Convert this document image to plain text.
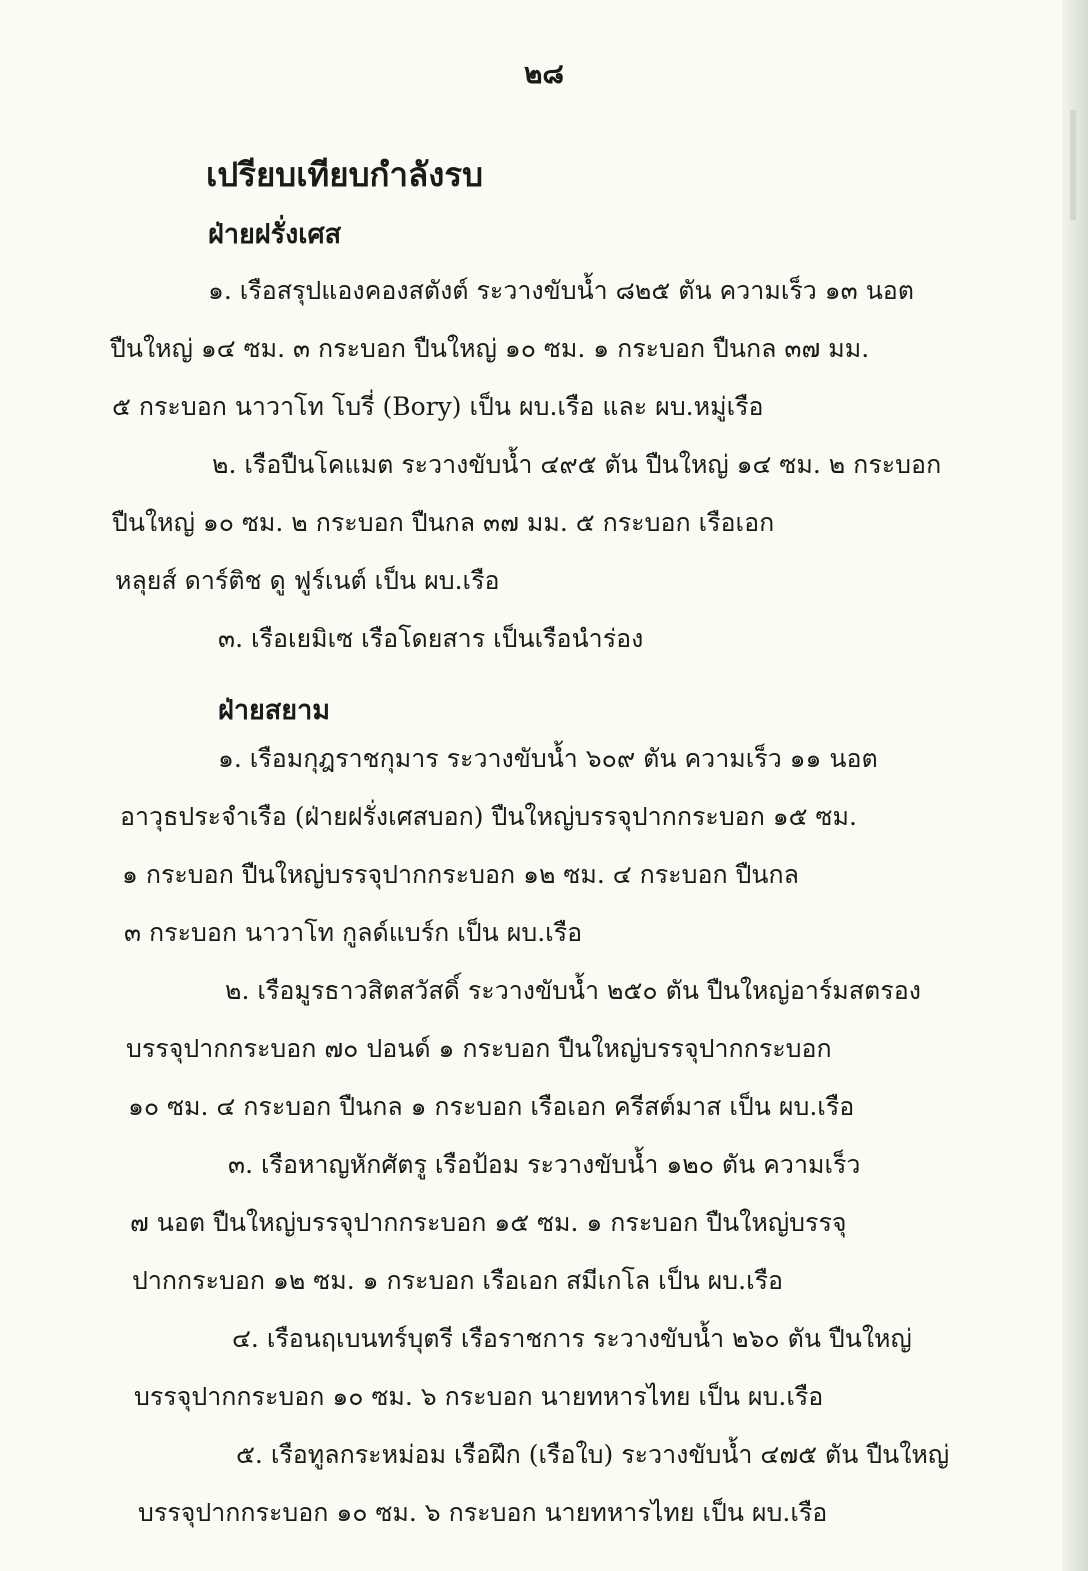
๒๘
เปรียบเทียบกำลังรบ
ฝ่ายฝรั่งเศส
๑. เรือสรุปแองคองสตังต์ ระวางขับน้ำ ๘๒๕ ตัน ความเร็ว ๑๓ นอต
ปืนใหญ่ ๑๔ ซม. ๓ กระบอก ปืนใหญ่ ๑๐ ซม. ๑ กระบอก ปืนกล ๓๗ มม.
๕ กระบอก นาวาโท โบรี่ (Bory) เป็น ผบ.เรือ และ ผบ.หมู่เรือ
๒. เรือปืนโคแมต ระวางขับน้ำ ๔๙๕ ตัน ปืนใหญ่ ๑๔ ซม. ๒ กระบอก
ปืนใหญ่ ๑๐ ซม. ๒ กระบอก ปืนกล ๓๗ มม. ๕ กระบอก เรือเอก
หลุยส์ ดาร์ติช ดู ฟูร์เนต์ เป็น ผบ.เรือ
๓. เรือเยมิเซ เรือโดยสาร เป็นเรือนำร่อง
ฝ่ายสยาม
๑. เรือมกุฎราชกุมาร ระวางขับน้ำ ๖๐๙ ตัน ความเร็ว ๑๑ นอต
อาวุธประจำเรือ (ฝ่ายฝรั่งเศสบอก) ปืนใหญ่บรรจุปากกระบอก ๑๕ ซม.
๑ กระบอก ปืนใหญ่บรรจุปากกระบอก ๑๒ ซม. ๔ กระบอก ปืนกล
๓ กระบอก นาวาโท กูลด์แบร์ก เป็น ผบ.เรือ
๒. เรือมูรธาวสิตสวัสดิ์ ระวางขับน้ำ ๒๕๐ ตัน ปืนใหญ่อาร์มสตรอง
บรรจุปากกระบอก ๗๐ ปอนด์ ๑ กระบอก ปืนใหญ่บรรจุปากกระบอก
๑๐ ซม. ๔ กระบอก ปืนกล ๑ กระบอก เรือเอก ครีสต์มาส เป็น ผบ.เรือ
๓. เรือหาญหักศัตรู เรือป้อม ระวางขับน้ำ ๑๒๐ ตัน ความเร็ว
๗ นอต ปืนใหญ่บรรจุปากกระบอก ๑๕ ซม. ๑ กระบอก ปืนใหญ่บรรจุ
ปากกระบอก ๑๒ ซม. ๑ กระบอก เรือเอก สมีเกโล เป็น ผบ.เรือ
๔. เรือนฤเบนทร์บุตรี เรือราชการ ระวางขับน้ำ ๒๖๐ ตัน ปืนใหญ่
บรรจุปากกระบอก ๑๐ ซม. ๖ กระบอก นายทหารไทย เป็น ผบ.เรือ
๕. เรือทูลกระหม่อม เรือฝึก (เรือใบ) ระวางขับน้ำ ๔๗๕ ตัน ปืนใหญ่
บรรจุปากกระบอก ๑๐ ซม. ๖ กระบอก นายทหารไทย เป็น ผบ.เรือ
